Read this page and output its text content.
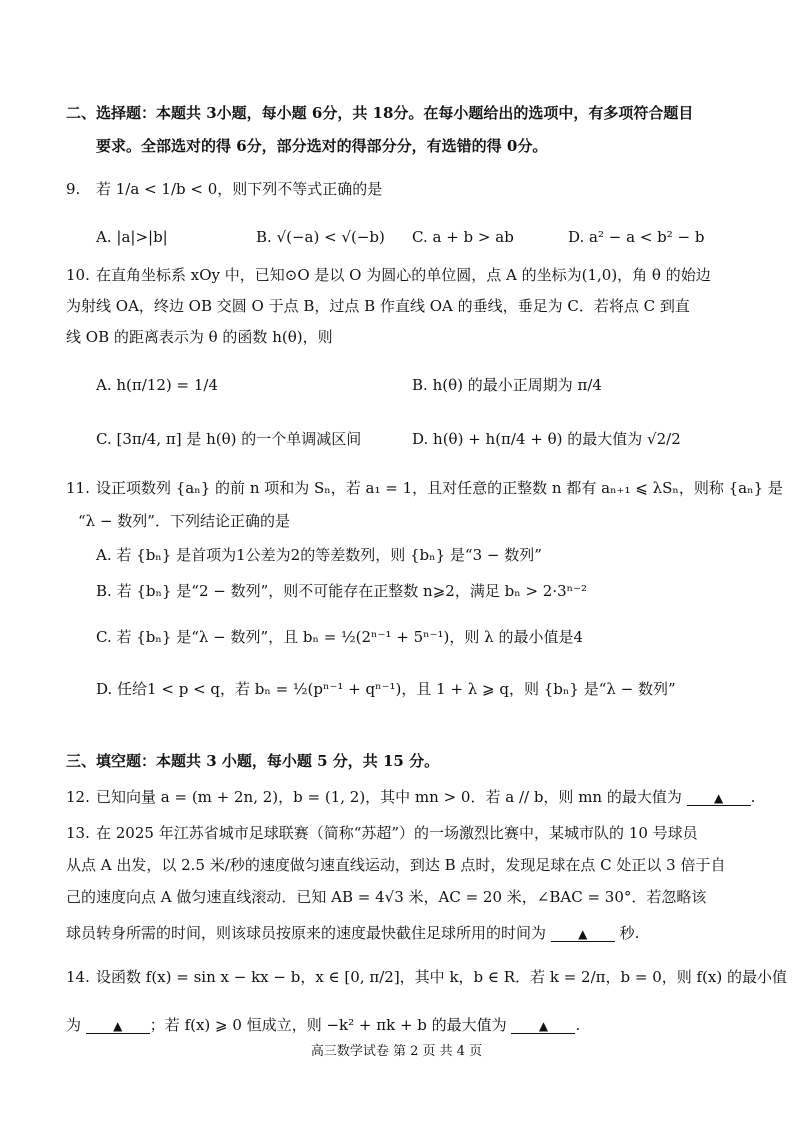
二、选择题：本题共 3小题，每小题 6分，共 18分。在每小题给出的选项中，有多项符合题目
要求。全部选对的得 6分，部分选对的得部分分，有选错的得 0分。
9. 若 1/a < 1/b < 0，则下列不等式正确的是
A. |a|>|b|	B. √(−a) < √(−b) C. a + b > ab	D. a² − a < b² − b
10. 在直角坐标系 xOy 中，已知⊙O 是以 O 为圆心的单位圆，点 A 的坐标为(1,0)，角 θ 的始边
为射线 OA，终边 OB 交圆 O 于点 B，过点 B 作直线 OA 的垂线，垂足为 C．若将点 C 到直
线 OB 的距离表示为 θ 的函数 h(θ)，则
A. h(π/12) = 1/4	B. h(θ) 的最小正周期为 π/4
C. [3π/4, π] 是 h(θ) 的一个单调减区间	D. h(θ) + h(π/4 + θ) 的最大值为 √2/2
11. 设正项数列 {aₙ} 的前 n 项和为 Sₙ，若 a₁ = 1，且对任意的正整数 n 都有 aₙ₊₁ ⩽ λSₙ，则称 {aₙ} 是
“λ − 数列”．下列结论正确的是
A. 若 {bₙ} 是首项为1公差为2的等差数列，则 {bₙ} 是“3 − 数列”
B. 若 {bₙ} 是“2 − 数列”，则不可能存在正整数 n⩾2，满足 bₙ > 2·3ⁿ⁻²
C. 若 {bₙ} 是“λ − 数列”，且 bₙ = ½(2ⁿ⁻¹ + 5ⁿ⁻¹)，则 λ 的最小值是4
D. 任给1 < p < q，若 bₙ = ½(pⁿ⁻¹ + qⁿ⁻¹)，且 1 + λ ⩾ q，则 {bₙ} 是“λ − 数列”
三、填空题：本题共 3 小题，每小题 5 分，共 15 分。
12. 已知向量 a = (m + 2n, 2)，b = (1, 2)，其中 mn > 0．若 a // b，则 mn 的最大值为	▲ .
13. 在 2025 年江苏省城市足球联赛（简称“苏超”）的一场激烈比赛中，某城市队的 10 号球员
从点 A 出发，以 2.5 米/秒的速度做匀速直线运动，到达 B 点时，发现足球在点 C 处正以 3 倍于自
己的速度向点 A 做匀速直线滚动．已知 AB = 4√3 米，AC = 20 米，∠BAC = 30°．若忽略该
球员转身所需的时间，则该球员按原来的速度最快截住足球所用的时间为	▲ 秒.
14. 设函数 f(x) = sin x − kx − b，x ∈ [0, π/2]，其中 k，b ∈ R．若 k = 2/π，b = 0，则 f(x) 的最小值
为	▲ ；若 f(x) ⩾ 0 恒成立，则 −k² + πk + b 的最大值为	▲ .
高三数学试卷 第 2 页 共 4 页
